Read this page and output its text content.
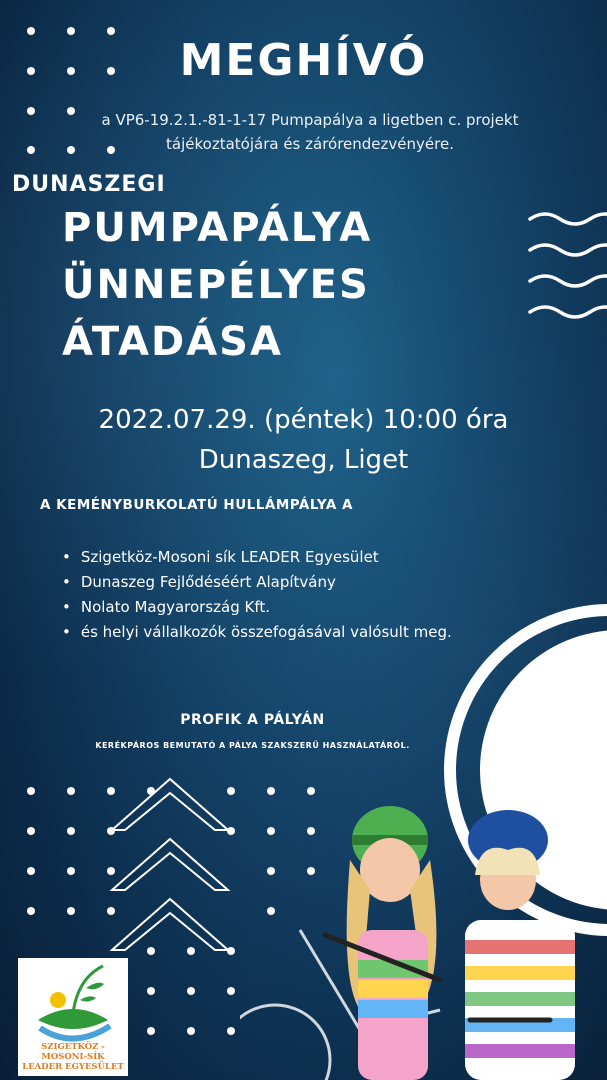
MEGHÍVÓ
a VP6-19.2.1.-81-1-17 Pumpapálya a ligetben c. projekt
tájékoztatójára és zárórendezvényére.
DUNASZEGI
PUMPAPÁLYA
ÜNNEPÉLYES
ÁTADÁSA
2022.07.29. (péntek) 10:00 óra
Dunaszeg, Liget
A KEMÉNYBURKOLATÚ HULLÁMPÁLYA A
• Szigetköz-Mosoni sík LEADER Egyesület
• Dunaszeg Fejlődéséért Alapítvány
• Nolato Magyarország Kft.
• és helyi vállalkozók összefogásával valósult meg.
PROFIK A PÁLYÁN
KERÉKPÁROS BEMUTATÓ A PÁLYA SZAKSZERŰ HASZNÁLATÁRÓL.
SZIGETKÖZ - MOSONI-SÍK
LEADER EGYESÜLET
